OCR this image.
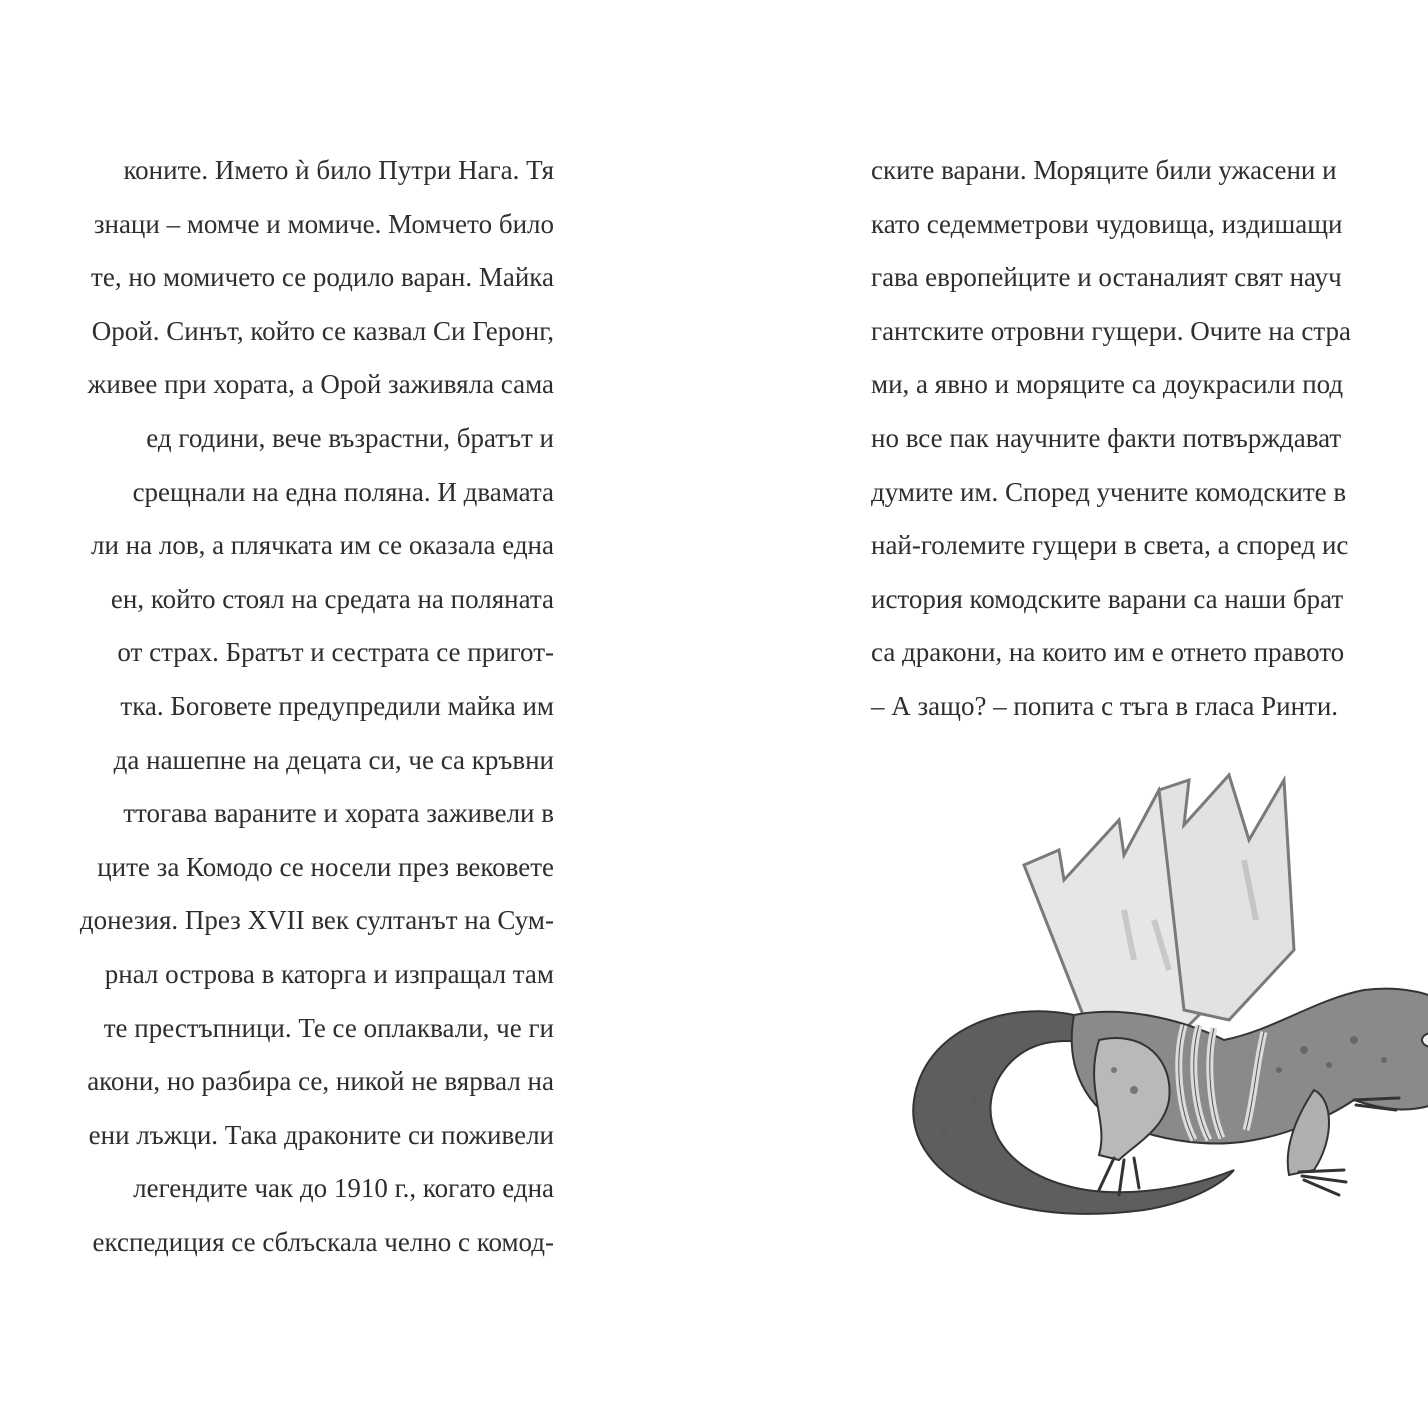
коните. Името ѝ било Путри Нага. Тя
знаци – момче и момиче. Момчето било
те, но момичето се родило варан. Майка
Орой. Синът, който се казвал Си Геронг,
живее при хората, а Орой заживяла сама
ед години, вече възрастни, братът и
срещнали на една поляна. И двамата
ли на лов, а плячката им се оказала една
ен, който стоял на средата на поляната
от страх. Братът и сестрата се пригот-
тка. Боговете предупредили майка им
да нашепне на децата си, че са кръвни
ттогава вараните и хората заживели в
ците за Комодо се носели през вековете
донезия. През XVII век султанът на Сум-
рнал острова в каторга и изпращал там
те престъпници. Те се оплаквали, че ги
акони, но разбира се, никой не вярвал на
ени лъжци. Така драконите си поживели
легендите чак до 1910 г., когато една
експедиция се сблъскала челно с комод-
ските варани. Моряците били ужасени и
като седемметрови чудовища, издишащи
гава европейците и останалият свят науч
гантските отровни гущери. Очите на стра
ми, а явно и моряците са доукрасили под
но все пак научните факти потвърждават
думите им. Според учените комодските в
най-големите гущери в света, а според ис
история комодските варани са наши брат
са дракони, на които им е отнето правото
– А защо? – попита с тъга в гласа Ринти.
